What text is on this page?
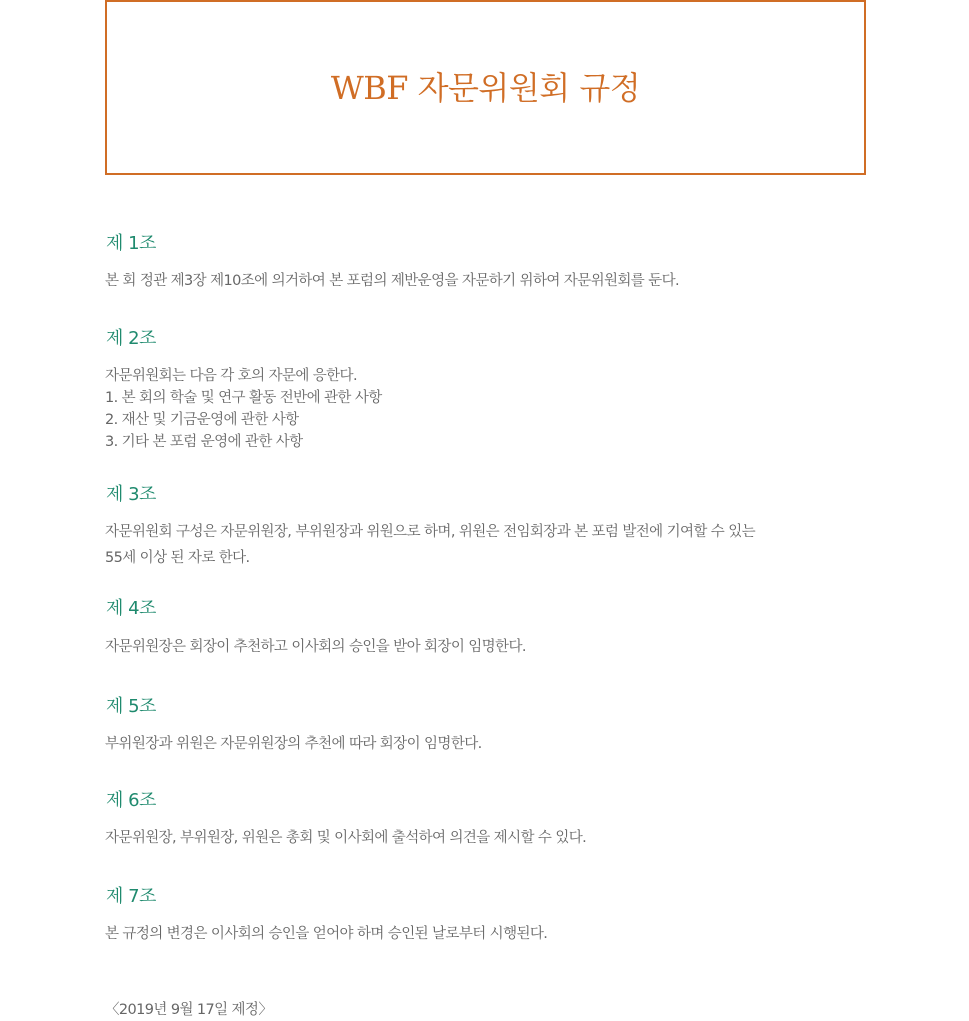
WBF 자문위원회 규정
제 1조

본 회 정관 제3장 제10조에 의거하여 본 포럼의 제반운영을 자문하기 위하여 자문위원회를 둔다.

제 2조

자문위원회는 다음 각 호의 자문에 응한다.

1. 본 회의 학술 및 연구 활동 전반에 관한 사항

2. 재산 및 기금운영에 관한 사항

3. 기타 본 포럼 운영에 관한 사항

제 3조

자문위원회 구성은 자문위원장, 부위원장과 위원으로 하며, 위원은 전임회장과 본 포럼 발전에 기여할 수 있는

55세 이상 된 자로 한다.

제 4조

자문위원장은 회장이 추천하고 이사회의 승인을 받아 회장이 임명한다.

제 5조

부위원장과 위원은 자문위원장의 추천에 따라 회장이 임명한다.

제 6조

자문위원장, 부위원장, 위원은 총회 및 이사회에 출석하여 의견을 제시할 수 있다.

제 7조

본 규정의 변경은 이사회의 승인을 얻어야 하며 승인된 날로부터 시행된다.

〈2019년 9월 17일 제정〉
